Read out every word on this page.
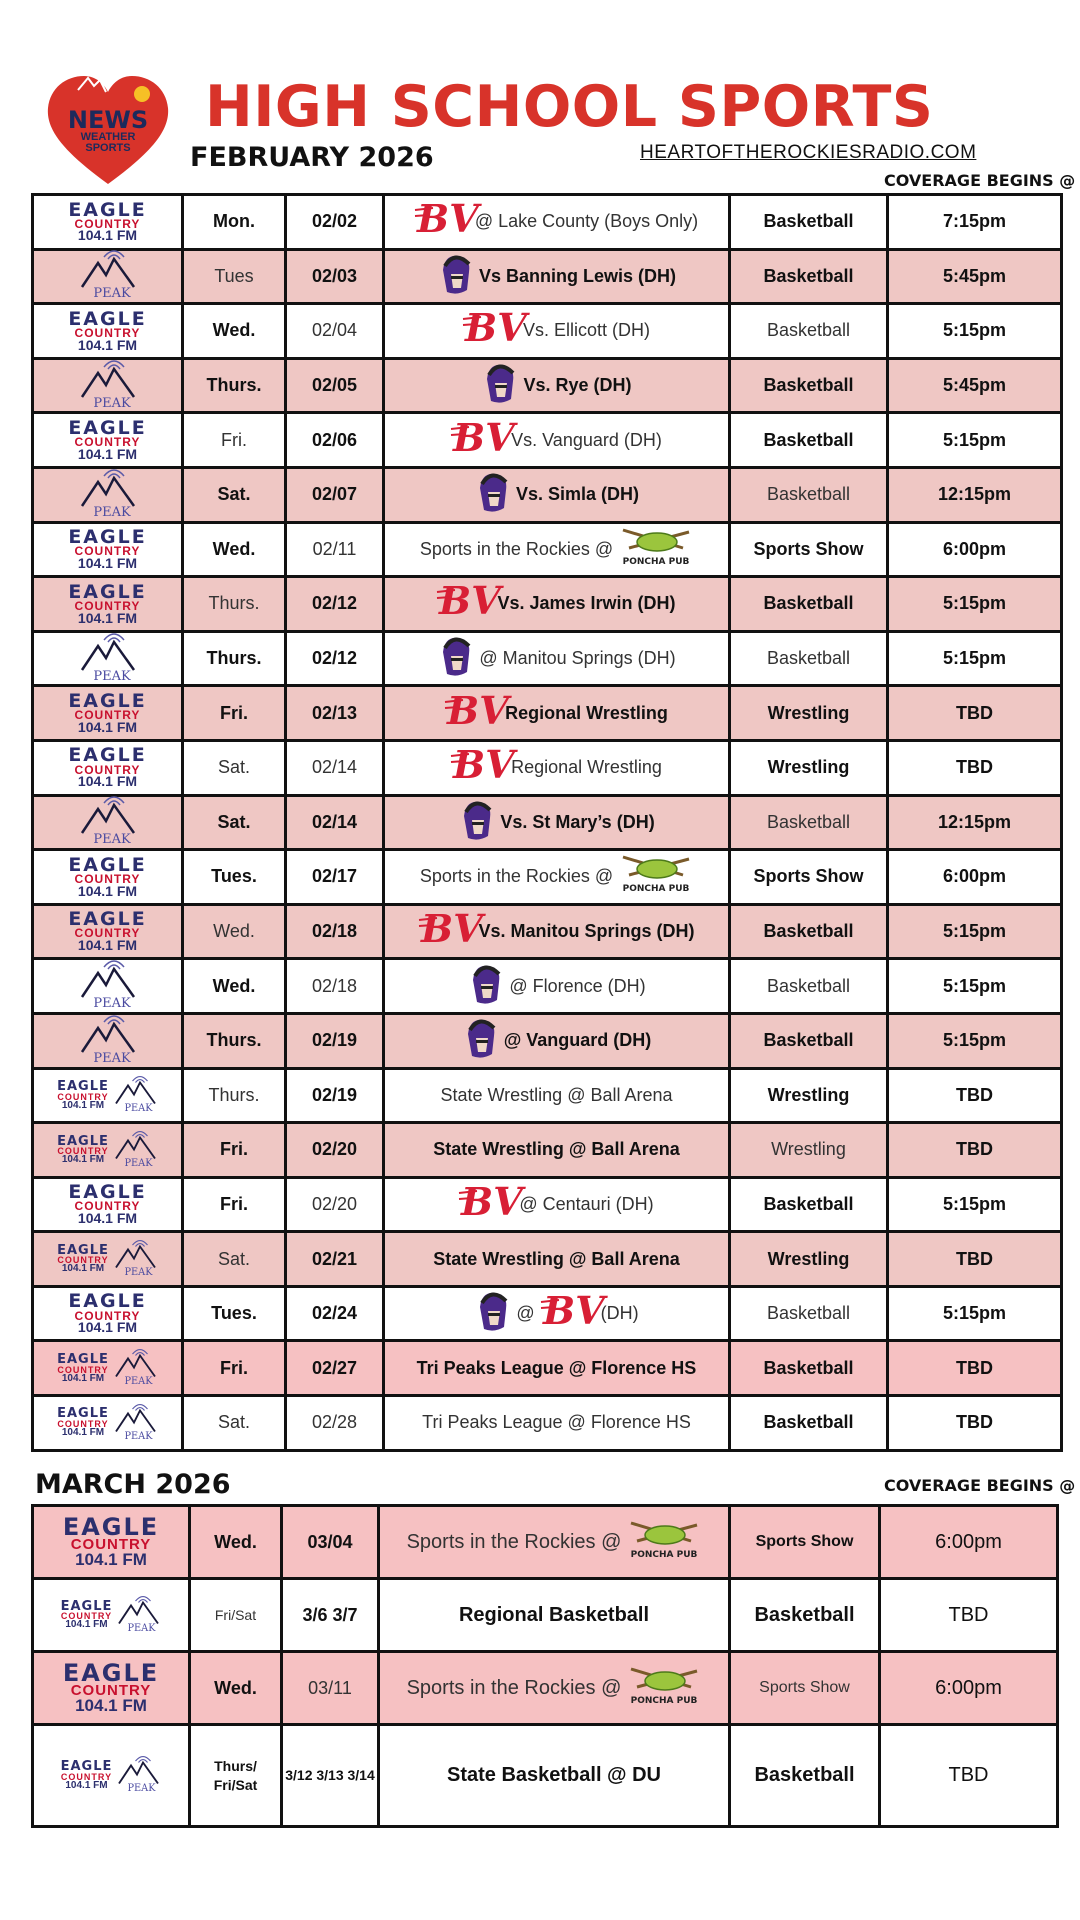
NEWS
WEATHER
SPORTS
HIGH SCHOOL SPORTS
FEBRUARY 2026	HEARTOFTHEROCKIESRADIO.COM
COVERAGE BEGINS @
EAGLE
COUNTRY
104.1 FM	Mon.	02/02	BV
@ Lake County (Boys Only)	Basketball	7:15pm

PEAK	Tues	02/03	Vs Banning Lewis (DH)	Basketball	5:45pm

EAGLE
COUNTRY
104.1 FM	Wed.	02/04	BV
Vs. Ellicott (DH)	Basketball	5:15pm

PEAK	Thurs.	02/05	Vs. Rye (DH)	Basketball	5:45pm

EAGLE
COUNTRY
104.1 FM	Fri.	02/06	BV
Vs. Vanguard (DH)	Basketball	5:15pm

PEAK	Sat.	02/07	Vs. Simla (DH)	Basketball	12:15pm

EAGLE
COUNTRY
104.1 FM	Wed.	02/11	Sports in the Rockies @
PONCHA PUB	Sports Show	6:00pm

EAGLE
COUNTRY
104.1 FM	Thurs.	02/12	BV
Vs. James Irwin (DH)	Basketball	5:15pm

PEAK	Thurs.	02/12	@ Manitou Springs (DH)	Basketball	5:15pm

EAGLE
COUNTRY
104.1 FM	Fri.	02/13	BV
Regional Wrestling	Wrestling	TBD

EAGLE
COUNTRY
104.1 FM	Sat.	02/14	BV
Regional Wrestling	Wrestling	TBD

PEAK	Sat.	02/14	Vs. St Mary’s (DH)	Basketball	12:15pm

EAGLE
COUNTRY
104.1 FM	Tues.	02/17	Sports in the Rockies @
PONCHA PUB	Sports Show	6:00pm

EAGLE
COUNTRY
104.1 FM	Wed.	02/18	BV
Vs. Manitou Springs (DH)	Basketball	5:15pm

PEAK	Wed.	02/18	@ Florence (DH)	Basketball	5:15pm

PEAK	Thurs.	02/19	@ Vanguard (DH)	Basketball	5:15pm

EAGLE
COUNTRY
104.1 FM PEAK	Thurs.	02/19	State Wrestling @ Ball Arena	Wrestling	TBD

EAGLE
COUNTRY
104.1 FM PEAK	Fri.	02/20	State Wrestling @ Ball Arena	Wrestling	TBD

EAGLE
COUNTRY
104.1 FM	Fri.	02/20	BV
@ Centauri (DH)	Basketball	5:15pm

EAGLE
COUNTRY
104.1 FM PEAK	Sat.	02/21	State Wrestling @ Ball Arena	Wrestling	TBD

EAGLE
COUNTRY
104.1 FM	Tues.	02/24	@ BV
(DH)	Basketball	5:15pm

EAGLE
COUNTRY
104.1 FM PEAK	Fri.	02/27	Tri Peaks League @ Florence HS	Basketball	TBD

EAGLE
COUNTRY
104.1 FM PEAK	Sat.	02/28	Tri Peaks League @ Florence HS	Basketball	TBD
MARCH 2026	COVERAGE BEGINS @
EAGLE
COUNTRY
104.1 FM	Wed.	03/04	Sports in the Rockies @
PONCHA PUB	Sports Show	6:00pm

EAGLE
COUNTRY
104.1 FM PEAK	Fri/Sat	3/6 3/7	Regional Basketball	Basketball	TBD

EAGLE
COUNTRY
104.1 FM	Wed.	03/11	Sports in the Rockies @
PONCHA PUB	Sports Show	6:00pm

EAGLE
COUNTRY
104.1 FM PEAK	Thurs/ Fri/Sat	3/12 3/13 3/14	State Basketball @ DU	Basketball	TBD
